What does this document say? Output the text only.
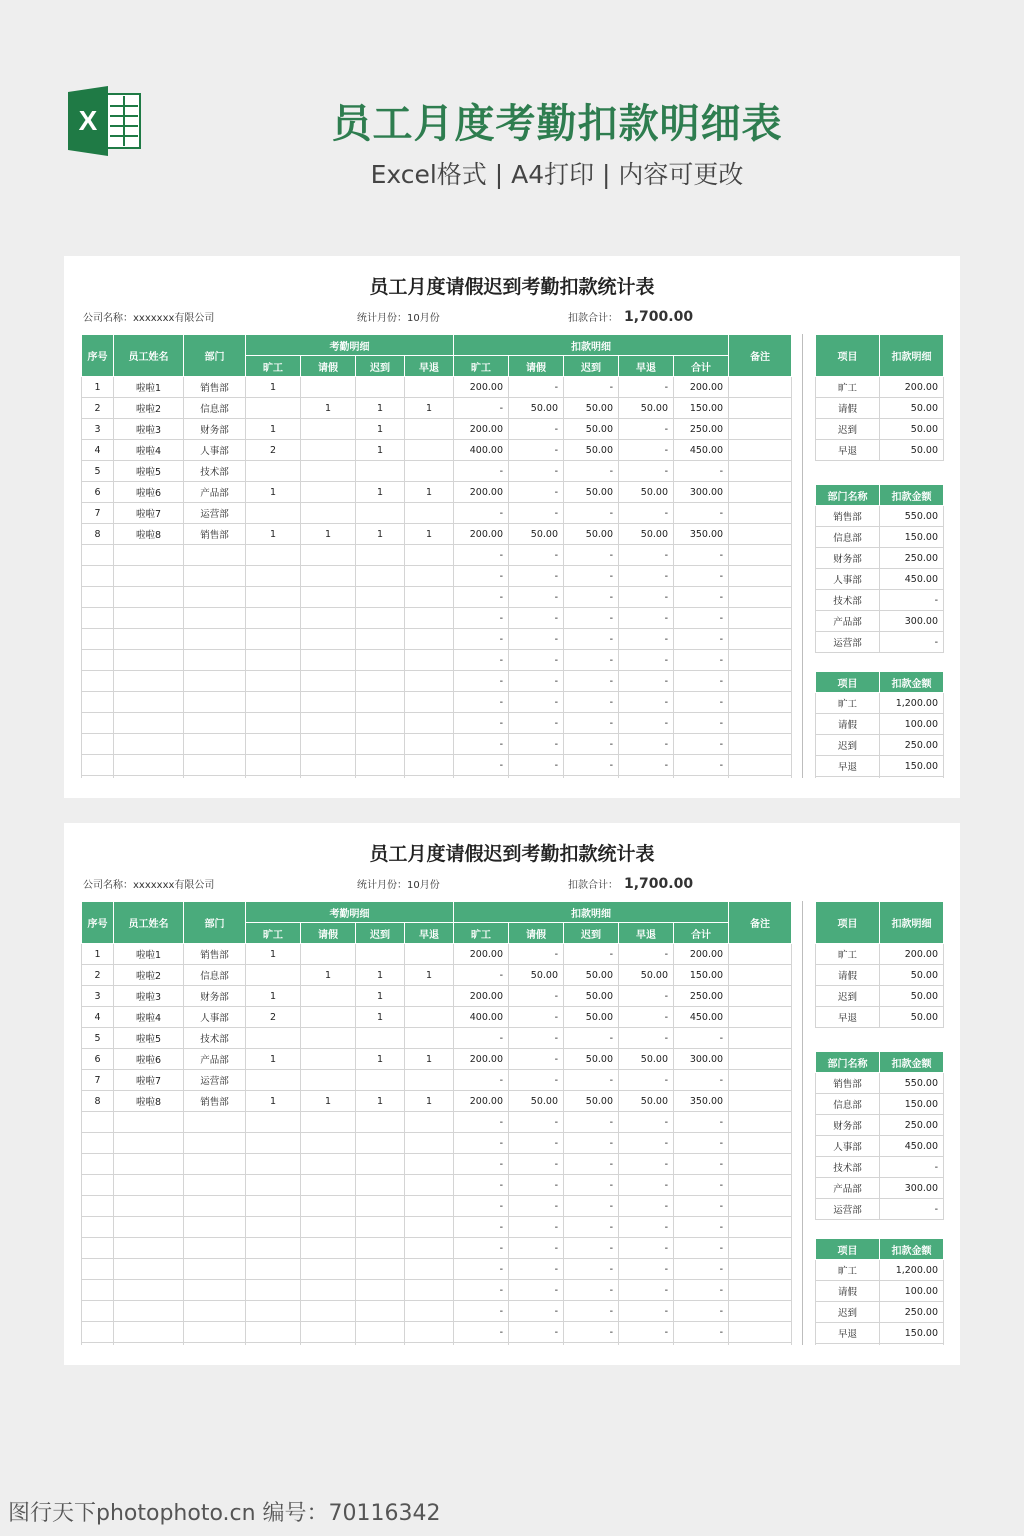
X	员工月度考勤扣款明细表
Excel格式 | A4打印 | 内容可更改
员工月度请假迟到考勤扣款统计表
公司名称：xxxxxxx有限公司	统计月份：10月份	扣款合计： 1,700.00
序号	员工姓名	部门	考勤明细				扣款明细					备注
			旷工	请假	迟到	早退	旷工	请假	迟到	早退	合计	
1	啦啦1	销售部	1				200.00	-	-	-	200.00	
2	啦啦2	信息部		1	1	1	-	50.00	50.00	50.00	150.00	
3	啦啦3	财务部	1		1		200.00	-	50.00	-	250.00	
4	啦啦4	人事部	2		1		400.00	-	50.00	-	450.00	
5	啦啦5	技术部					-	-	-	-	-	
6	啦啦6	产品部	1		1	1	200.00	-	50.00	50.00	300.00	
7	啦啦7	运营部					-	-	-	-	-	
8	啦啦8	销售部	1	1	1	1	200.00	50.00	50.00	50.00	350.00	
							-	-	-	-	-	
							-	-	-	-	-	
							-	-	-	-	-	
							-	-	-	-	-	
							-	-	-	-	-	
							-	-	-	-	-	
							-	-	-	-	-	
							-	-	-	-	-	
							-	-	-	-	-	
							-	-	-	-	-	
							-	-	-	-	-	

项目	扣款明细
旷工	200.00
请假	50.00
迟到	50.00
早退	50.00
部门名称	扣款金额
销售部	550.00
信息部	150.00
财务部	250.00
人事部	450.00
技术部	-
产品部	300.00
运营部	-
项目	扣款金额
旷工	1,200.00
请假	100.00
迟到	250.00
早退	150.00

员工月度请假迟到考勤扣款统计表
公司名称：xxxxxxx有限公司	统计月份：10月份	扣款合计： 1,700.00
序号	员工姓名	部门	考勤明细				扣款明细					备注
			旷工	请假	迟到	早退	旷工	请假	迟到	早退	合计	
1	啦啦1	销售部	1				200.00	-	-	-	200.00	
2	啦啦2	信息部		1	1	1	-	50.00	50.00	50.00	150.00	
3	啦啦3	财务部	1		1		200.00	-	50.00	-	250.00	
4	啦啦4	人事部	2		1		400.00	-	50.00	-	450.00	
5	啦啦5	技术部					-	-	-	-	-	
6	啦啦6	产品部	1		1	1	200.00	-	50.00	50.00	300.00	
7	啦啦7	运营部					-	-	-	-	-	
8	啦啦8	销售部	1	1	1	1	200.00	50.00	50.00	50.00	350.00	
							-	-	-	-	-	
							-	-	-	-	-	
							-	-	-	-	-	
							-	-	-	-	-	
							-	-	-	-	-	
							-	-	-	-	-	
							-	-	-	-	-	
							-	-	-	-	-	
							-	-	-	-	-	
							-	-	-	-	-	
							-	-	-	-	-	

项目	扣款明细
旷工	200.00
请假	50.00
迟到	50.00
早退	50.00
部门名称	扣款金额
销售部	550.00
信息部	150.00
财务部	250.00
人事部	450.00
技术部	-
产品部	300.00
运营部	-
项目	扣款金额
旷工	1,200.00
请假	100.00
迟到	250.00
早退	150.00

图行天下photophoto.cn 编号：70116342
